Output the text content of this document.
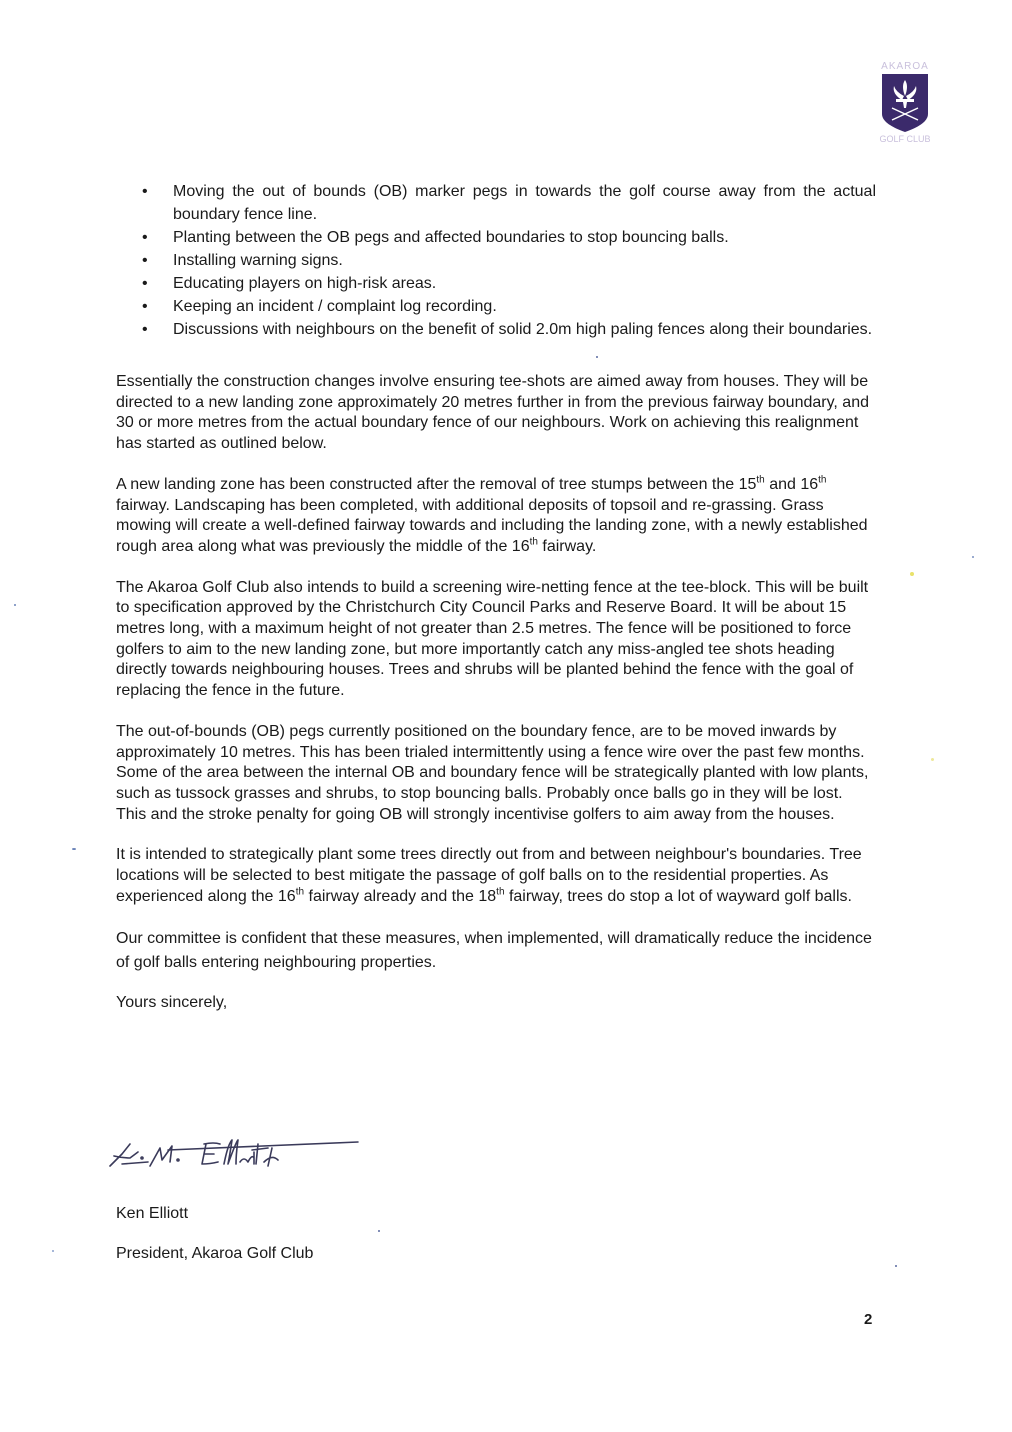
AKAROA
GOLF CLUB
• Moving the out of bounds (OB) marker pegs in towards the golf course away from the actual boundary fence line.
• Planting between the OB pegs and affected boundaries to stop bouncing balls.
• Installing warning signs.
• Educating players on high-risk areas.
• Keeping an incident / complaint log recording.
• Discussions with neighbours on the benefit of solid 2.0m high paling fences along their boundaries.

Essentially the construction changes involve ensuring tee-shots are aimed away from houses. They will be directed to a new landing zone approximately 20 metres further in from the previous fairway boundary, and 30 or more metres from the actual boundary fence of our neighbours. Work on achieving this realignment has started as outlined below.

A new landing zone has been constructed after the removal of tree stumps between the 15th and 16th fairway. Landscaping has been completed, with additional deposits of topsoil and re-grassing. Grass mowing will create a well-defined fairway towards and including the landing zone, with a newly established rough area along what was previously the middle of the 16th fairway.

The Akaroa Golf Club also intends to build a screening wire-netting fence at the tee-block. This will be built to specification approved by the Christchurch City Council Parks and Reserve Board. It will be about 15 metres long, with a maximum height of not greater than 2.5 metres. The fence will be positioned to force golfers to aim to the new landing zone, but more importantly catch any miss-angled tee shots heading directly towards neighbouring houses. Trees and shrubs will be planted behind the fence with the goal of replacing the fence in the future.

The out-of-bounds (OB) pegs currently positioned on the boundary fence, are to be moved inwards by approximately 10 metres. This has been trialed intermittently using a fence wire over the past few months. Some of the area between the internal OB and boundary fence will be strategically planted with low plants, such as tussock grasses and shrubs, to stop bouncing balls. Probably once balls go in they will be lost. This and the stroke penalty for going OB will strongly incentivise golfers to aim away from the houses.

It is intended to strategically plant some trees directly out from and between neighbour's boundaries. Tree locations will be selected to best mitigate the passage of golf balls on to the residential properties. As experienced along the 16th fairway already and the 18th fairway, trees do stop a lot of wayward golf balls.

Our committee is confident that these measures, when implemented, will dramatically reduce the incidence of golf balls entering neighbouring properties.

Yours sincerely,

K.M. Elliott
Ken Elliott
President, Akaroa Golf Club
2
